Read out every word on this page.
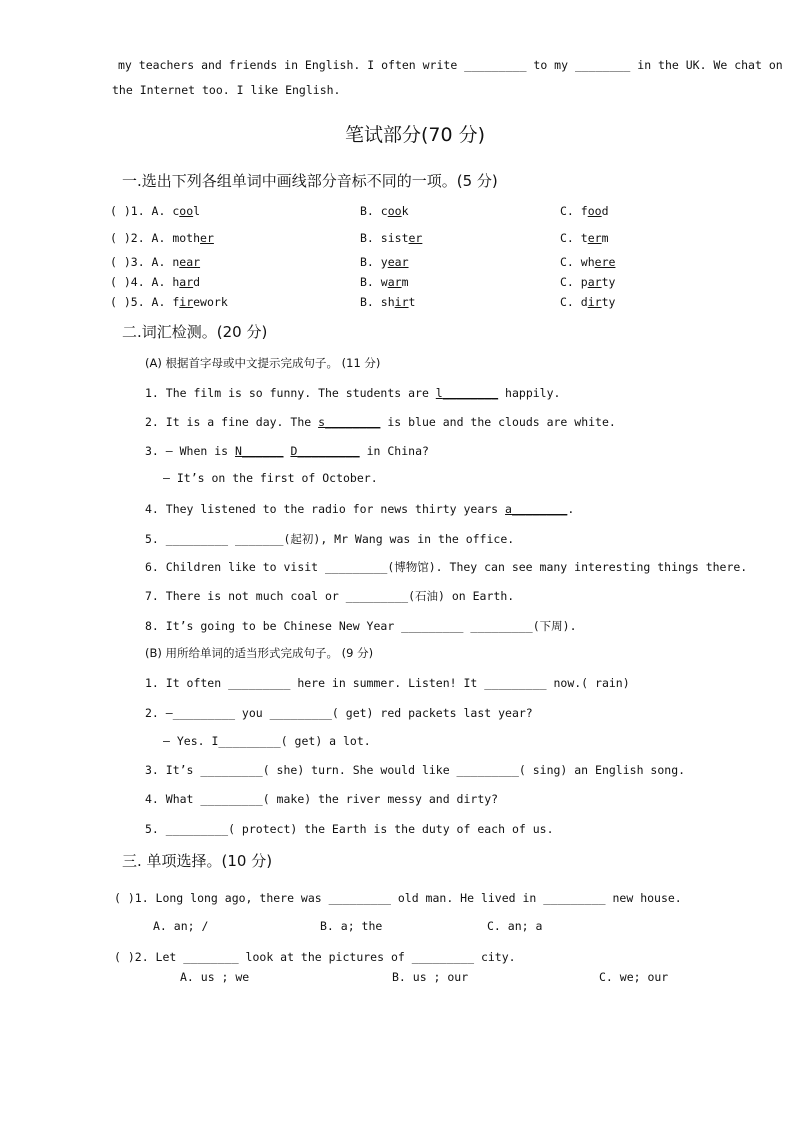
my teachers and friends in English. I often write _________ to my ________ in the UK. We chat on
the Internet too. I like English.
笔试部分(70 分)
一.选出下列各组单词中画线部分音标不同的一项。(5 分)
( )1. A. cool	B. cook	C. food
( )2. A. mother	B. sister	C. term
( )3. A. near	B. year	C. where
( )4. A. hard	B. warm	C. party
( )5. A. firework	B. shirt	C. dirty
二.词汇检测。(20 分)
(A) 根据首字母或中文提示完成句子。 (11 分)
1. The film is so funny. The students are l________ happily.
2. It is a fine day. The s________ is blue and the clouds are white.
3. — When is N______ D_________ in China?
— It’s on the first of October.
4. They listened to the radio for news thirty years a________.
5. _________ _______(起初), Mr Wang was in the office.
6. Children like to visit _________(博物馆). They can see many interesting things there.
7. There is not much coal or _________(石油) on Earth.
8. It’s going to be Chinese New Year _________ _________(下周).
(B) 用所给单词的适当形式完成句子。 (9 分)
1. It often _________ here in summer. Listen! It _________ now.( rain)
2. —_________ you _________( get) red packets last year?
— Yes. I_________( get) a lot.
3. It’s _________( she) turn. She would like _________( sing) an English song.
4. What _________( make) the river messy and dirty?
5. _________( protect) the Earth is the duty of each of us.
三. 单项选择。(10 分)
( )1. Long long ago, there was _________ old man. He lived in _________ new house.
A. an; /	B. a; the	C. an; a
( )2. Let ________ look at the pictures of _________ city.
A. us ; we	B. us ; our	C. we; our
